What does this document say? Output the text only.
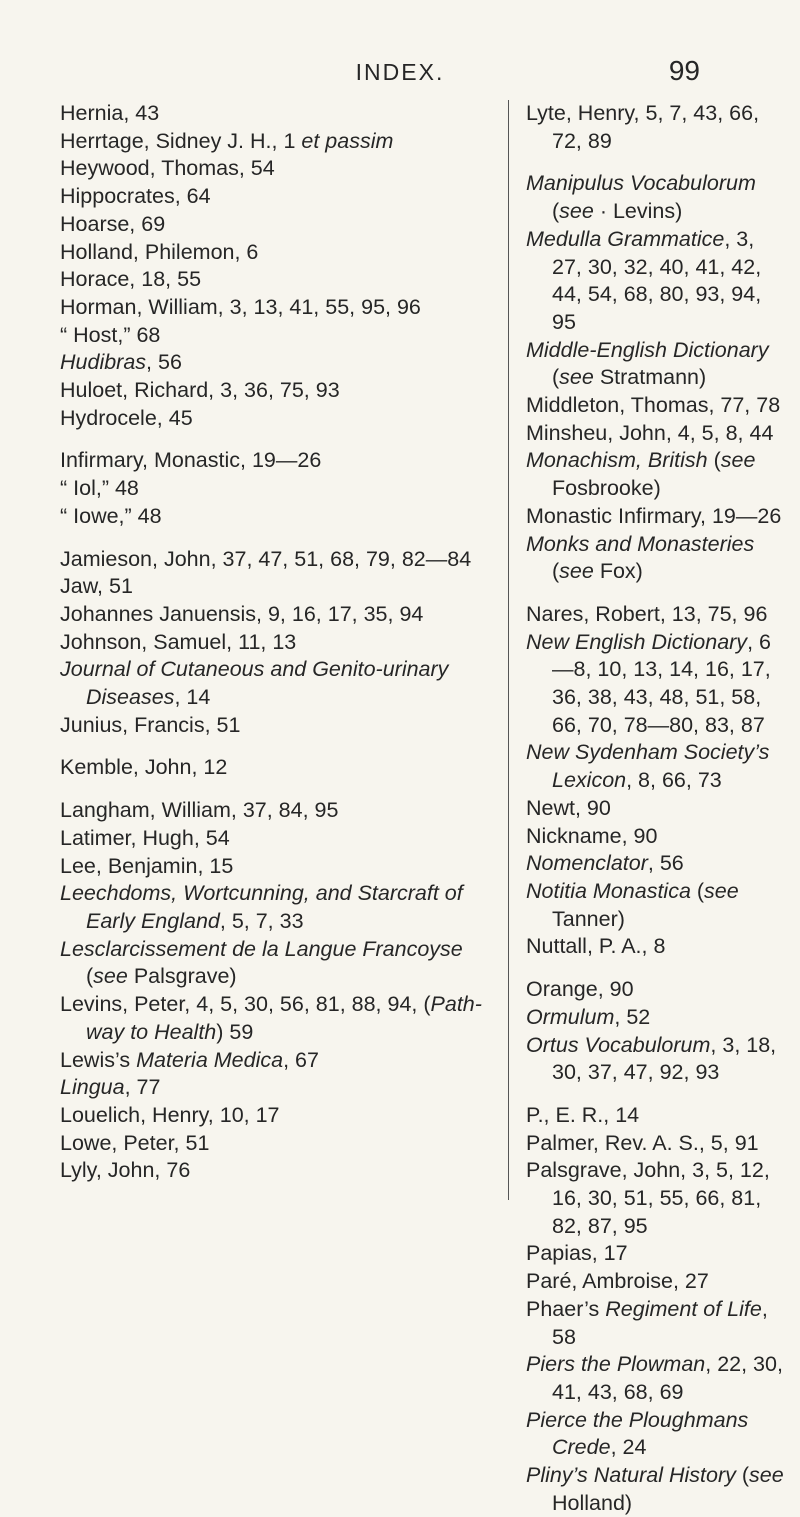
INDEX.	99
Hernia, 43
Herrtage, Sidney J. H., 1 et passim
Heywood, Thomas, 54
Hippocrates, 64
Hoarse, 69
Holland, Philemon, 6
Horace, 18, 55
Horman, William, 3, 13, 41, 55, 95, 96
“ Host,” 68
Hudibras, 56
Huloet, Richard, 3, 36, 75, 93
Hydrocele, 45
Infirmary, Monastic, 19—26
“ Iol,” 48
“ Iowe,” 48
Jamieson, John, 37, 47, 51, 68, 79, 82—84
Jaw, 51
Johannes Januensis, 9, 16, 17, 35, 94
Johnson, Samuel, 11, 13
Journal of Cutaneous and Genito-urinary Diseases, 14
Junius, Francis, 51
Kemble, John, 12
Langham, William, 37, 84, 95
Latimer, Hugh, 54
Lee, Benjamin, 15
Leechdoms, Wortcunning, and Starcraft of Early England, 5, 7, 33
Lesclarcissement de la Langue Francoyse (see Palsgrave)
Levins, Peter, 4, 5, 30, 56, 81, 88, 94, (Path-way to Health) 59
Lewis’s Materia Medica, 67
Lingua, 77
Louelich, Henry, 10, 17
Lowe, Peter, 51
Lyly, John, 76
Lyte, Henry, 5, 7, 43, 66, 72, 89
Manipulus Vocabulorum (see · Levins)
Medulla Grammatice, 3, 27, 30, 32, 40, 41, 42, 44, 54, 68, 80, 93, 94, 95
Middle-English Dictionary (see Stratmann)
Middleton, Thomas, 77, 78
Minsheu, John, 4, 5, 8, 44
Monachism, British (see Fosbrooke)
Monastic Infirmary, 19—26
Monks and Monasteries (see Fox)
Nares, Robert, 13, 75, 96
New English Dictionary, 6—8, 10, 13, 14, 16, 17, 36, 38, 43, 48, 51, 58, 66, 70, 78—80, 83, 87
New Sydenham Society’s Lexicon, 8, 66, 73
Newt, 90
Nickname, 90
Nomenclator, 56
Notitia Monastica (see Tanner)
Nuttall, P. A., 8
Orange, 90
Ormulum, 52
Ortus Vocabulorum, 3, 18, 30, 37, 47, 92, 93
P., E. R., 14
Palmer, Rev. A. S., 5, 91
Palsgrave, John, 3, 5, 12, 16, 30, 51, 55, 66, 81, 82, 87, 95
Papias, 17
Paré, Ambroise, 27
Phaer’s Regiment of Life, 58
Piers the Plowman, 22, 30, 41, 43, 68, 69
Pierce the Ploughmans Crede, 24
Pliny’s Natural History (see Holland)
